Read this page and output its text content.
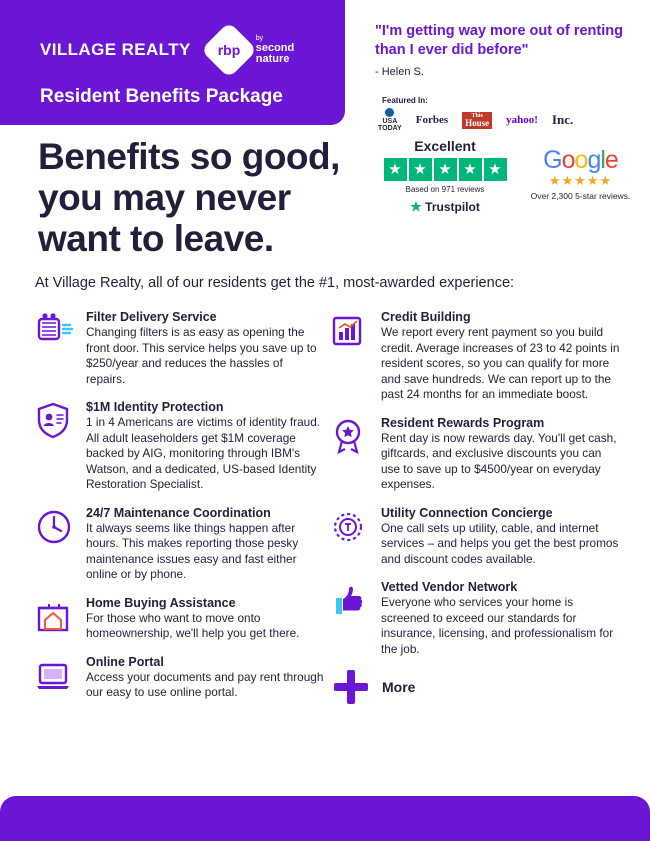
VILLAGE REALTY	rbp
by
second
nature
Resident Benefits Package
"I'm getting way more out of renting than I ever did before"
- Helen S.
Featured In:
USA
TODAY
Forbes	This
House yahoo! Inc.
Excellent
★ ★ ★ ★ ★
Based on 971 reviews
★ Trustpilot
Google
★★★★★
Over 2,300 5-star reviews.
Benefits so good, you may never want to leave.
At Village Realty, all of our residents get the #1, most-awarded experience:
Filter Delivery Service
Changing filters is as easy as opening the front door. This service helps you save up to $250/year and reduces the hassles of repairs.
$1M Identity Protection
1 in 4 Americans are victims of identity fraud. All adult leaseholders get $1M coverage backed by AIG, monitoring through IBM's Watson, and a dedicated, US-based Identity Restoration Specialist.
24/7 Maintenance Coordination
It always seems like things happen after hours. This makes reporting those pesky maintenance issues easy and fast either online or by phone.
Home Buying Assistance
For those who want to move onto homeownership, we'll help you get there.
Online Portal
Access your documents and pay rent through our easy to use online portal.
Credit Building
We report every rent payment so you build credit. Average increases of 23 to 42 points in resident scores, so you can qualify for more and save hundreds. We can report up to the past 24 months for an immediate boost.
Resident Rewards Program
Rent day is now rewards day. You'll get cash, giftcards, and exclusive discounts you can use to save up to $4500/year on everyday expenses.
Utility Connection Concierge
One call sets up utility, cable, and internet services – and helps you get the best promos and discount codes available.
Vetted Vendor Network
Everyone who services your home is screened to exceed our standards for insurance, licensing, and professionalism for the job.
More
